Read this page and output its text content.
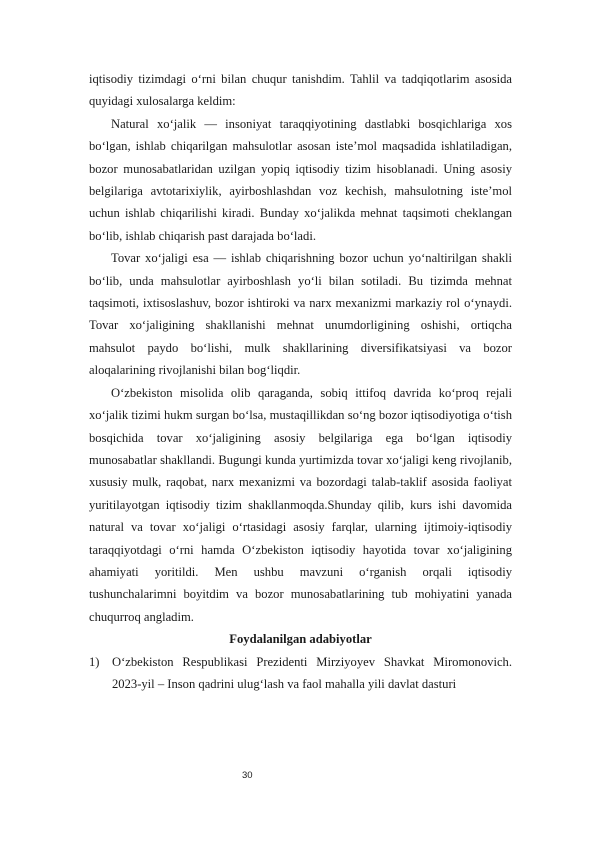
iqtisodiy tizimdagi o‘rni bilan chuqur tanishdim. Tahlil va tadqiqotlarim asosida quyidagi xulosalarga keldim:

Natural xo‘jalik — insoniyat taraqqiyotining dastlabki bosqichlariga xos bo‘lgan, ishlab chiqarilgan mahsulotlar asosan iste’mol maqsadida ishlatiladigan, bozor munosabatlaridan uzilgan yopiq iqtisodiy tizim hisoblanadi. Uning asosiy belgilariga avtotarixiylik, ayirboshlashdan voz kechish, mahsulotning iste’mol uchun ishlab chiqarilishi kiradi. Bunday xo‘jalikda mehnat taqsimoti cheklangan bo‘lib, ishlab chiqarish past darajada bo‘ladi.

Tovar xo‘jaligi esa — ishlab chiqarishning bozor uchun yo‘naltirilgan shakli bo‘lib, unda mahsulotlar ayirboshlash yo‘li bilan sotiladi. Bu tizimda mehnat taqsimoti, ixtisoslashuv, bozor ishtiroki va narx mexanizmi markaziy rol o‘ynaydi. Tovar xo‘jaligining shakllanishi mehnat unumdorligining oshishi, ortiqcha mahsulot paydo bo‘lishi, mulk shakllarining diversifikatsiyasi va bozor aloqalarining rivojlanishi bilan bog‘liqdir.

O‘zbekiston misolida olib qaraganda, sobiq ittifoq davrida ko‘proq rejali xo‘jalik tizimi hukm surgan bo‘lsa, mustaqillikdan so‘ng bozor iqtisodiyotiga o‘tish bosqichida tovar xo‘jaligining asosiy belgilariga ega bo‘lgan iqtisodiy munosabatlar shakllandi. Bugungi kunda yurtimizda tovar xo‘jaligi keng rivojlanib, xususiy mulk, raqobat, narx mexanizmi va bozordagi talab-taklif asosida faoliyat yuritilayotgan iqtisodiy tizim shakllanmoqda.Shunday qilib, kurs ishi davomida natural va tovar xo‘jaligi o‘rtasidagi asosiy farqlar, ularning ijtimoiy-iqtisodiy taraqqiyotdagi o‘rni hamda O‘zbekiston iqtisodiy hayotida tovar xo‘jaligining ahamiyati yoritildi. Men ushbu mavzuni o‘rganish orqali iqtisodiy tushunchalarimni boyitdim va bozor munosabatlarining tub mohiyatini yanada chuqurroq angladim.

Foydalanilgan adabiyotlar

1) O‘zbekiston Respublikasi Prezidenti Mirziyoyev Shavkat Miromonovich. 2023-yil – Inson qadrini ulug‘lash va faol mahalla yili davlat dasturi
30
